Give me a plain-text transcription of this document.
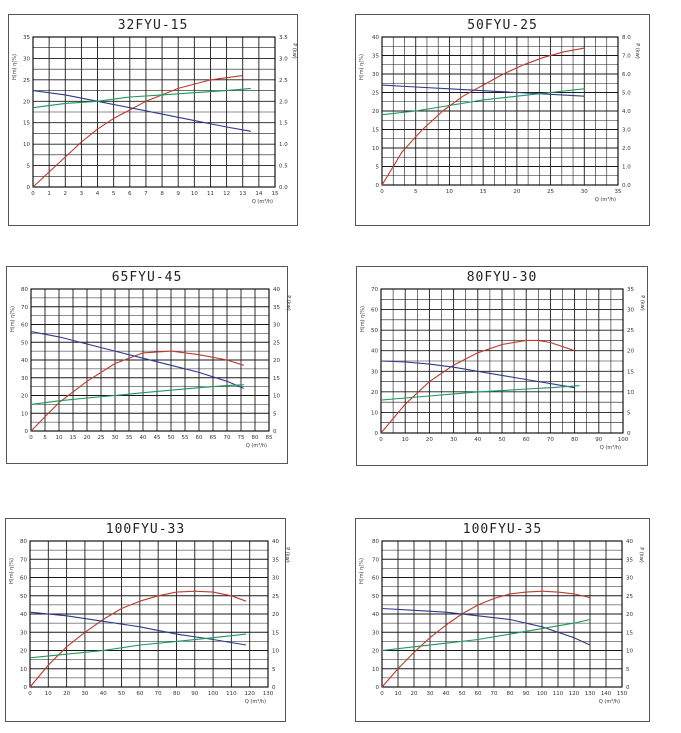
32FYU-15
0 1 2 3 4 5 6 7 8 9 10 11 12 13 14 15
0
5
10
15
20
25
30
35
0.0
0.5
1.0
1.5
2.0
2.5
3.0
3.5
Q (m³/h)
H(m) η(%)
P (kw)
50FYU-25
0	5	10	15	20	25	30	35
0
5
10
15
20
25
30
35
40
0.0
1.0
2.0
3.0
4.0
5.0
6.0
7.0
8.0
Q (m³/h)
H(m) η(%)
P (kw)
65FYU-45
0 5 10 15 20 25 30 35 40 45 50 55 60 65 70 75 80 85
0
10
20
30
40
50
60
70
80
0
5
10
15
20
25
30
35
40
Q (m³/h)
H(m) η(%)
P (kw)
80FYU-30
0	10	20	30	40	50	60	70	80	90	100
0
10
20
30
40
50
60
70
0
5
10
15
20
25
30
35
Q (m³/h)
H(m) η(%)
P (kw)
100FYU-33
0 10 20 30 40 50 60 70 80 90 100 110 120 130
0
10
20
30
40
50
60
70
80
0
5
10
15
20
25
30
35
40
Q (m³/h)
H(m) η(%)
P (kw)
100FYU-35
0 10 20 30 40 50 60 70 80 90 100 110 120 130 140 150
0
10
20
30
40
50
60
70
80
0
5
10
15
20
25
30
35
40
Q (m³/h)
H(m) η(%)
P (kw)
